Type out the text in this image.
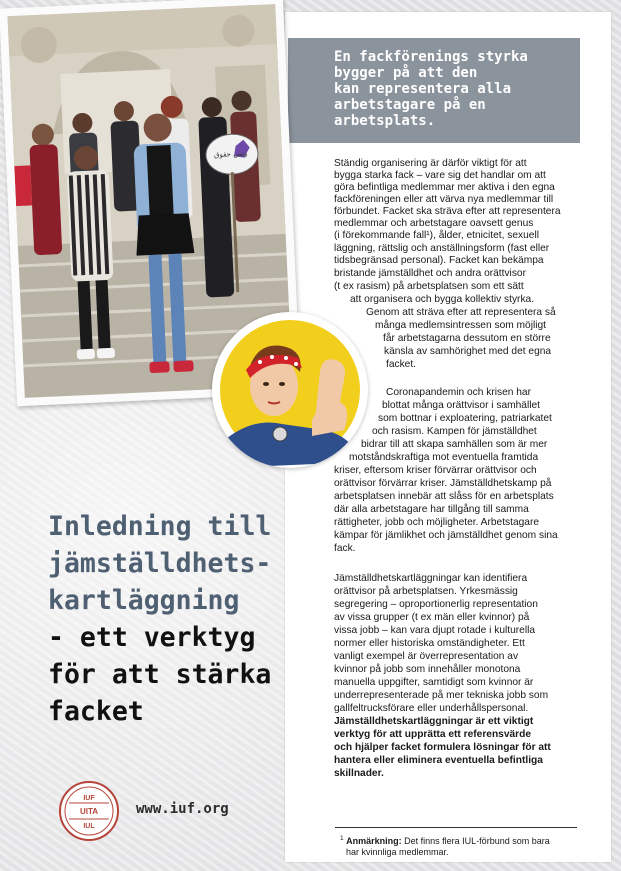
En fackförenings styrka
bygger på att den
kan representera alla
arbetstagare på en
arbetsplats.

Ständig organisering är därför viktigt för att

bygga starka fack – vare sig det handlar om att

göra befintliga medlemmar mer aktiva i den egna

fackföreningen eller att värva nya medlemmar till

förbundet. Facket ska sträva efter att representera

medlemmar och arbetstagare oavsett genus

(i förekommande fall¹), ålder, etnicitet, sexuell

läggning, rättslig och anställningsform (fast eller

tidsbegränsad personal). Facket kan bekämpa

bristande jämställdhet och andra orättvisor

(t ex rasism) på arbetsplatsen som ett sätt

att organisera och bygga kollektiv styrka.

Genom att sträva efter att representera så

många medlemsintressen som möjligt

får arbetstagarna dessutom en större

känsla av samhörighet med det egna

facket.

Coronapandemin och krisen har

blottat många orättvisor i samhället

som bottnar i exploatering, patriarkatet

och rasism. Kampen för jämställdhet

bidrar till att skapa samhällen som är mer

motståndskraftiga mot eventuella framtida

kriser, eftersom kriser förvärrar orättvisor och

orättvisor förvärrar kriser. Jämställdhetskamp på

arbetsplatsen innebär att slåss för en arbetsplats

där alla arbetstagare har tillgång till samma

rättigheter, jobb och möjligheter. Arbetstagare

kämpar för jämlikhet och jämställdhet genom sina

fack.

Jämställdhetskartläggningar kan identifiera

orättvisor på arbetsplatsen. Yrkesmässig

segregering – oproportionerlig representation

av vissa grupper (t ex män eller kvinnor) på

vissa jobb – kan vara djupt rotade i kulturella

normer eller historiska omständigheter. Ett

vanligt exempel är överrepresentation av

kvinnor på jobb som innehåller monotona

manuella uppgifter, samtidigt som kvinnor är

underrepresenterade på mer tekniska jobb som

gallfeltrucksförare eller underhållspersonal.

Jämställdhetskartläggningar är ett viktigt

verktyg för att upprätta ett referensvärde

och hjälper facket formulera lösningar för att

hantera eller eliminera eventuella befintliga

skillnader.

وتس حقوق
Inledning till
jämställdhets-
kartläggning
- ett verktyg
för att stärka
facket
IUF
UITA
IUL
www.iuf.org

$^1$ Anmärkning: Det finns flera IUL-förbund som bara
har kvinnliga medlemmar.
